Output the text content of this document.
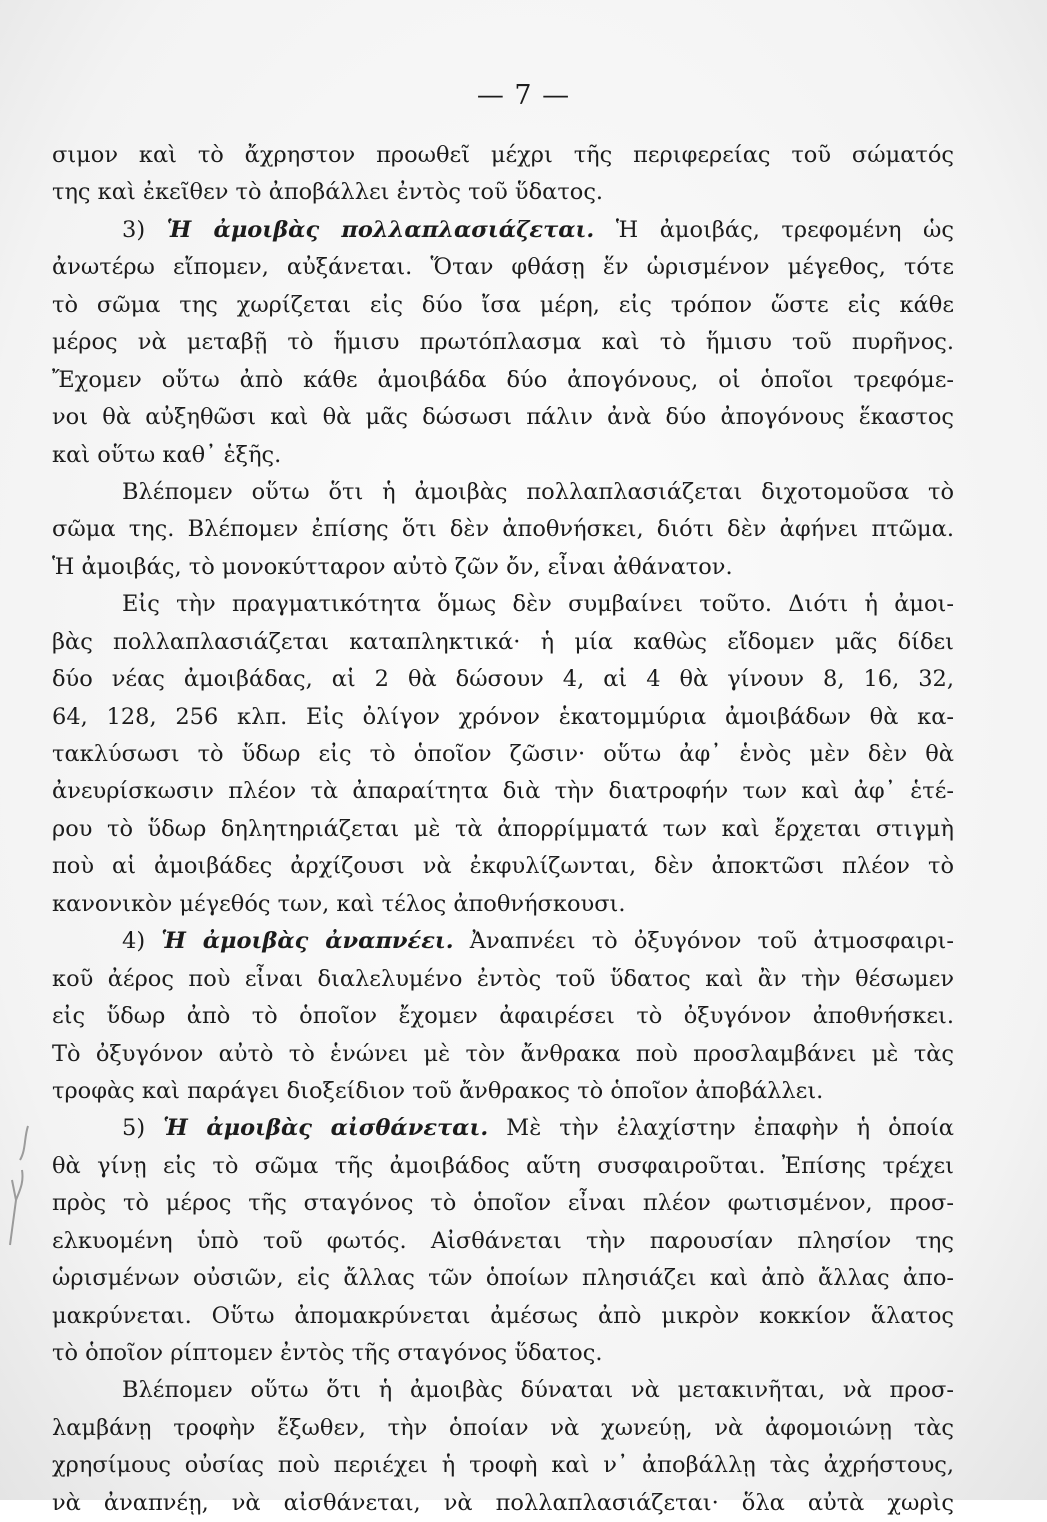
— 7 —
σιμον καὶ τὸ ἄχρηστον προωθεῖ μέχρι τῆς περιφερείας τοῦ σώματός
της καὶ ἐκεῖθεν τὸ ἀποβάλλει ἐντὸς τοῦ ὕδατος.
3) Ἡ ἀμοιβὰς πολλαπλασιάζεται. Ἡ ἀμοιβάς, τρεφομένη ὡς
ἀνωτέρω εἴπομεν, αὐξάνεται. Ὅταν φθάσῃ ἕν ὡρισμένον μέγεθος, τότε
τὸ σῶμα της χωρίζεται εἰς δύο ἴσα μέρη, εἰς τρόπον ὥστε εἰς κάθε
μέρος νὰ μεταβῇ τὸ ἥμισυ πρωτόπλασμα καὶ τὸ ἥμισυ τοῦ πυρῆνος.
Ἔχομεν οὕτω ἀπὸ κάθε ἀμοιβάδα δύο ἀπογόνους, οἱ ὁποῖοι τρεφόμε-
νοι θὰ αὐξηθῶσι καὶ θὰ μᾶς δώσωσι πάλιν ἀνὰ δύο ἀπογόνους ἕκαστος
καὶ οὕτω καθ᾿ ἑξῆς.
Βλέπομεν οὕτω ὅτι ἡ ἀμοιβὰς πολλαπλασιάζεται διχοτομοῦσα τὸ
σῶμα της. Βλέπομεν ἐπίσης ὅτι δὲν ἀποθνήσκει, διότι δὲν ἀφήνει πτῶμα.
Ἡ ἀμοιβάς, τὸ μονοκύτταρον αὐτὸ ζῶν ὄν, εἶναι ἀθάνατον.
Εἰς τὴν πραγματικότητα ὅμως δὲν συμβαίνει τοῦτο. Διότι ἡ ἀμοι-
βὰς πολλαπλασιάζεται καταπληκτικά· ἡ μία καθὼς εἴδομεν μᾶς δίδει
δύο νέας ἀμοιβάδας, αἱ 2 θὰ δώσουν 4, αἱ 4 θὰ γίνουν 8, 16, 32,
64, 128, 256 κλπ. Εἰς ὀλίγον χρόνον ἑκατομμύρια ἀμοιβάδων θὰ κα-
τακλύσωσι τὸ ὕδωρ εἰς τὸ ὁποῖον ζῶσιν· οὕτω ἀφ᾿ ἑνὸς μὲν δὲν θὰ
ἀνευρίσκωσιν πλέον τὰ ἀπαραίτητα διὰ τὴν διατροφήν των καὶ ἀφ᾿ ἑτέ-
ρου τὸ ὕδωρ δηλητηριάζεται μὲ τὰ ἀπορρίμματά των καὶ ἔρχεται στιγμὴ
ποὺ αἱ ἀμοιβάδες ἀρχίζουσι νὰ ἐκφυλίζωνται, δὲν ἀποκτῶσι πλέον τὸ
κανονικὸν μέγεθός των, καὶ τέλος ἀποθνήσκουσι.
4) Ἡ ἀμοιβὰς ἀναπνέει. Ἀναπνέει τὸ ὀξυγόνον τοῦ ἀτμοσφαιρι-
κοῦ ἀέρος ποὺ εἶναι διαλελυμένο ἐντὸς τοῦ ὕδατος καὶ ἂν τὴν θέσωμεν
εἰς ὕδωρ ἀπὸ τὸ ὁποῖον ἔχομεν ἀφαιρέσει τὸ ὀξυγόνον ἀποθνήσκει.
Τὸ ὀξυγόνον αὐτὸ τὸ ἑνώνει μὲ τὸν ἄνθρακα ποὺ προσλαμβάνει μὲ τὰς
τροφὰς καὶ παράγει διοξείδιον τοῦ ἄνθρακος τὸ ὁποῖον ἀποβάλλει.
5) Ἡ ἀμοιβὰς αἰσθάνεται. Μὲ τὴν ἐλαχίστην ἐπαφὴν ἡ ὁποία
θὰ γίνῃ εἰς τὸ σῶμα τῆς ἀμοιβάδος αὕτη συσφαιροῦται. Ἐπίσης τρέχει
πρὸς τὸ μέρος τῆς σταγόνος τὸ ὁποῖον εἶναι πλέον φωτισμένον, προσ-
ελκυομένη ὑπὸ τοῦ φωτός. Αἰσθάνεται τὴν παρουσίαν πλησίον της
ὡρισμένων οὐσιῶν, εἰς ἄλλας τῶν ὁποίων πλησιάζει καὶ ἀπὸ ἄλλας ἀπο-
μακρύνεται. Οὕτω ἀπομακρύνεται ἀμέσως ἀπὸ μικρὸν κοκκίον ἅλατος
τὸ ὁποῖον ρίπτομεν ἐντὸς τῆς σταγόνος ὕδατος.
Βλέπομεν οὕτω ὅτι ἡ ἀμοιβὰς δύναται νὰ μετακινῆται, νὰ προσ-
λαμβάνῃ τροφὴν ἔξωθεν, τὴν ὁποίαν νὰ χωνεύῃ, νὰ ἀφομοιώνῃ τὰς
χρησίμους οὐσίας ποὺ περιέχει ἡ τροφὴ καὶ ν᾿ ἀποβάλλῃ τὰς ἀχρήστους,
νὰ ἀναπνέῃ, νὰ αἰσθάνεται, νὰ πολλαπλασιάζεται· ὅλα αὐτὰ χωρὶς
